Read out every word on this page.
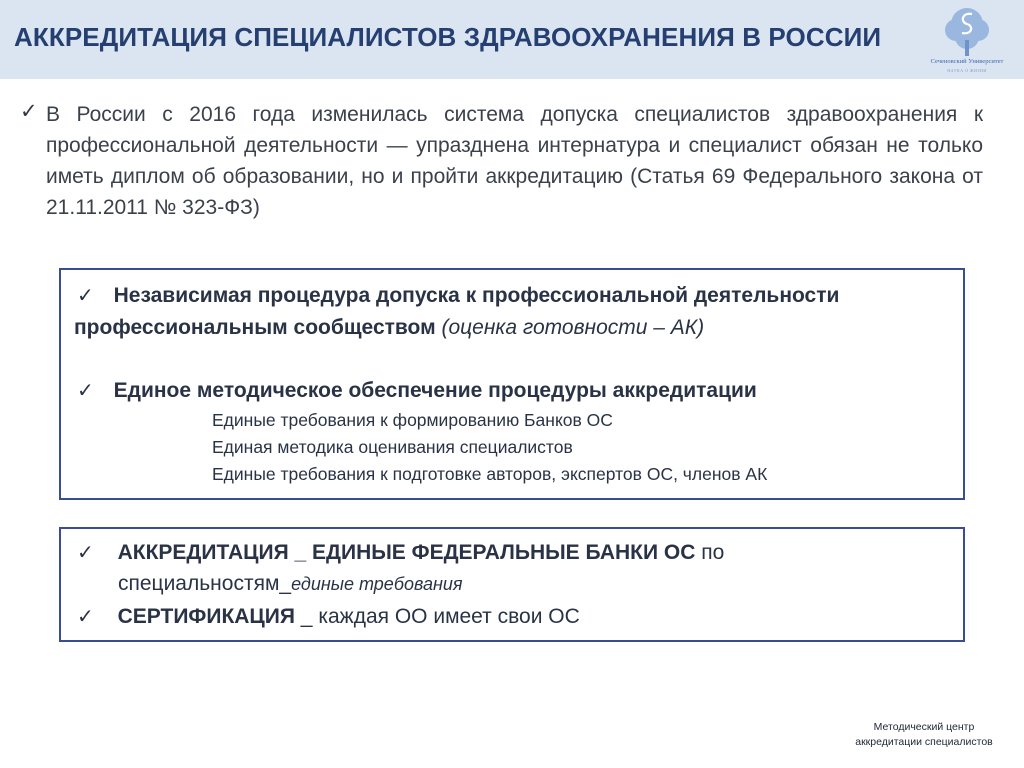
АККРЕДИТАЦИЯ СПЕЦИАЛИСТОВ ЗДРАВООХРАНЕНИЯ В РОССИИ
Сеченовский Университет
НАУКА О ЖИЗНИ
✓ В России с 2016 года изменилась система допуска специалистов здравоохранения к профессиональной деятельности — упразднена интернатура и специалист обязан не только иметь диплом об образовании, но и пройти аккредитацию (Статья 69 Федерального закона от 21.11.2011 № 323-ФЗ)
✓ Независимая процедура допуска к профессиональной деятельности
профессиональным сообществом (оценка готовности – АК)
✓ Единое методическое обеспечение процедуры аккредитации
Единые требования к формированию Банков ОС
Единая методика оценивания специалистов
Единые требования к подготовке авторов, экспертов ОС, членов АК
✓ АККРЕДИТАЦИЯ _ ЕДИНЫЕ ФЕДЕРАЛЬНЫЕ БАНКИ ОС по
специальностям_единые требования
✓ СЕРТИФИКАЦИЯ _ каждая ОО имеет свои ОС
Методический центр
аккредитации специалистов
